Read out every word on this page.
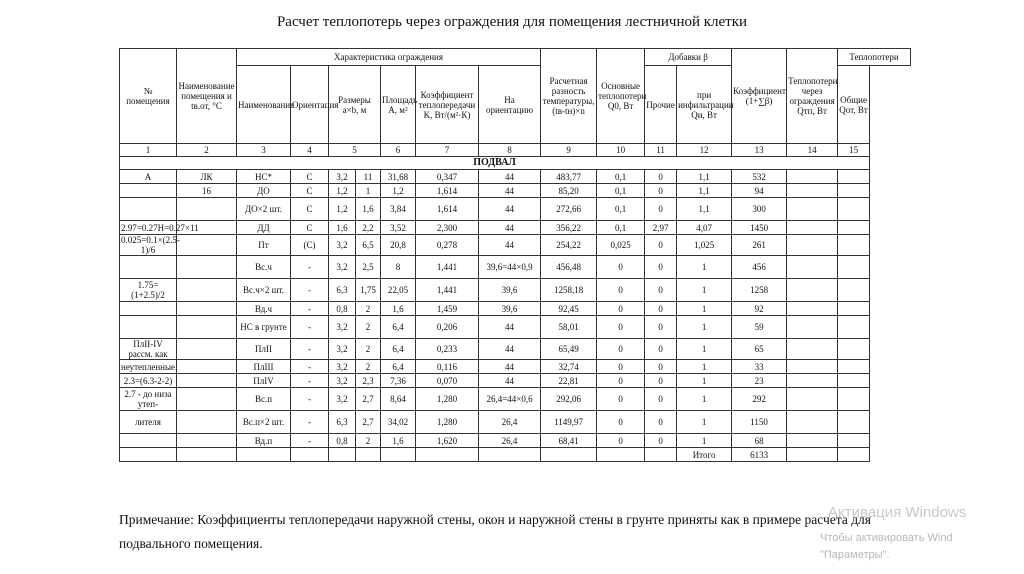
Расчет теплопотерь через ограждения для помещения лестничной клетки
№ помещения	Наименование помещения и tв.от, °С	Характеристика ограждения							Расчетная разность температуры, (tв-tн)×n	Основные теплопотери Q0, Вт	Добавки β		Коэффициент (1+∑β)	Теплопотери через ограждения Qтп, Вт	Теплопотери
		Наименование	Ориентация	Размеры a×b, м		Площадь A, м²	Коэффициент теплопередачи K, Вт/(м²·К)	На ориентацию			Прочие	при инфильтрации Qи, Вт			Общие Qот, Вт
1	2	3	4	5		6	7	8	9	10	11	12	13	14	15
ПОДВАЛ															
А	ЛК	НС*	С	3,2	11	31,68	0,347	44	483,77	0,1	0	1,1	532		
	16	ДО	С	1,2	1	1,2	1,614	44	85,20	0,1	0	1,1	94		
		ДО×2 шт.	С	1,2	1,6	3,84	1,614	44	272,66	0,1	0	1,1	300		
2.97=0.27Н=0.27×11		ДД	С	1,6	2,2	3,52	2,300	44	356,22	0,1	2,97	4,07	1450		
0.025=0.1×(2.5-1)/6		Пт	(С)	3,2	6,5	20,8	0,278	44	254,22	0,025	0	1,025	261		
		Вс.ч	-	3,2	2,5	8	1,441	39,6=44×0,9	456,48	0	0	1	456		
1.75=(1+2.5)/2		Вс.ч×2 шт.	-	6,3	1,75	22,05	1,441	39,6	1258,18	0	0	1	1258		
		Вд.ч	-	0,8	2	1,6	1,459	39,6	92,45	0	0	1	92		
		НС в грунте	-	3,2	2	6,4	0,206	44	58,01	0	0	1	59		
ПлII-IV рассм. как		ПлII	-	3,2	2	6,4	0,233	44	65,49	0	0	1	65		
неутепленные		ПлIII	-	3,2	2	6,4	0,116	44	32,74	0	0	1	33		
2.3=(6.3-2-2)		ПлIV	-	3,2	2,3	7,36	0,070	44	22,81	0	0	1	23		
2.7 - до низа утеп-		Вс.п	-	3,2	2,7	8,64	1,280	26,4=44×0,6	292,06	0	0	1	292		
лителя		Вс.п×2 шт.	-	6,3	2,7	34,02	1,280	26,4	1149,97	0	0	1	1150		
		Вд.п	-	0,8	2	1,6	1,620	26,4	68,41	0	0	1	68		
												Итого	6133		
Примечание: Коэффициенты теплопередачи наружной стены, окон и наружной стены в грунте приняты как в примере расчета для подвального помещения.
Активация Windows
Чтобы активировать Wind
"Параметры".
